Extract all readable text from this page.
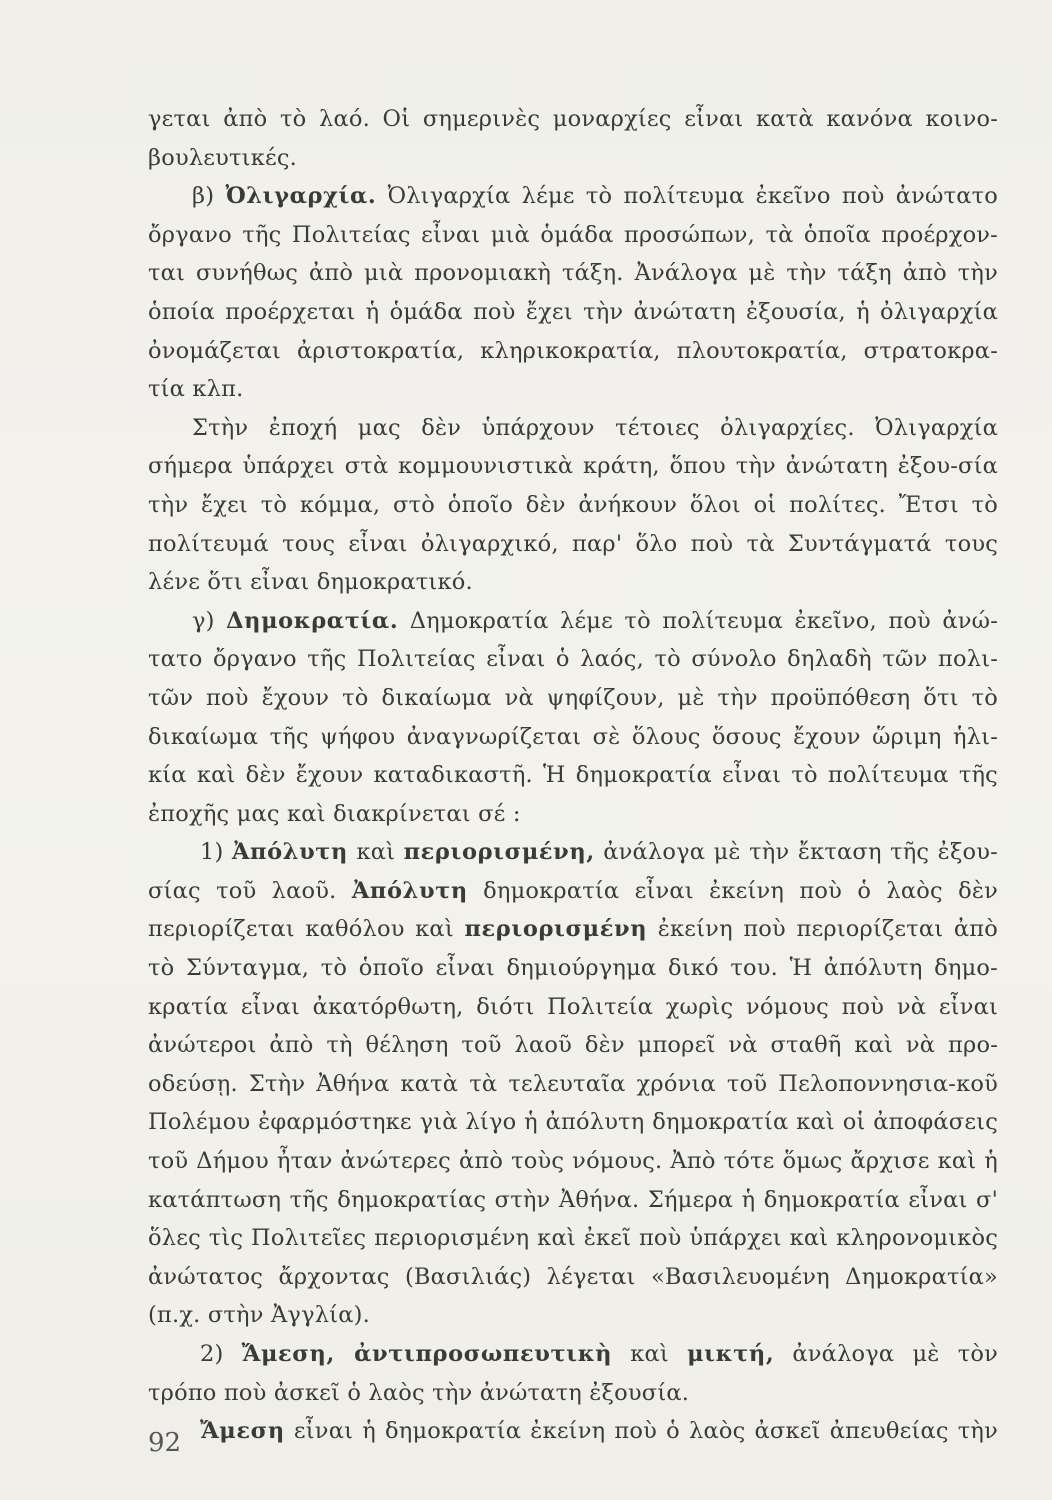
γεται ἀπὸ τὸ λαό. Οἱ σημερινὲς μοναρχίες εἶναι κατὰ κανόνα κοινο-βουλευτικές.

β) Ὀλιγαρχία. Ὀλιγαρχία λέμε τὸ πολίτευμα ἐκεῖνο ποὺ ἀνώτατο ὄργανο τῆς Πολιτείας εἶναι μιὰ ὁμάδα προσώπων, τὰ ὁποῖα προέρχον-ται συνήθως ἀπὸ μιὰ προνομιακὴ τάξη. Ἀνάλογα μὲ τὴν τάξη ἀπὸ τὴν ὁποία προέρχεται ἡ ὁμάδα ποὺ ἔχει τὴν ἀνώτατη ἐξουσία, ἡ ὀλιγαρχία ὀνομάζεται ἀριστοκρατία, κληρικοκρατία, πλουτοκρατία, στρατοκρα-τία κλπ.

Στὴν ἐποχή μας δὲν ὑπάρχουν τέτοιες ὀλιγαρχίες. Ὀλιγαρχία σήμερα ὑπάρχει στὰ κομμουνιστικὰ κράτη, ὅπου τὴν ἀνώτατη ἐξου-σία τὴν ἔχει τὸ κόμμα, στὸ ὁποῖο δὲν ἀνήκουν ὅλοι οἱ πολίτες. Ἔτσι τὸ πολίτευμά τους εἶναι ὀλιγαρχικό, παρ' ὅλο ποὺ τὰ Συντάγματά τους λένε ὅτι εἶναι δημοκρατικό.

γ) Δημοκρατία. Δημοκρατία λέμε τὸ πολίτευμα ἐκεῖνο, ποὺ ἀνώ-τατο ὄργανο τῆς Πολιτείας εἶναι ὁ λαός, τὸ σύνολο δηλαδὴ τῶν πολι-τῶν ποὺ ἔχουν τὸ δικαίωμα νὰ ψηφίζουν, μὲ τὴν προϋπόθεση ὅτι τὸ δικαίωμα τῆς ψήφου ἀναγνωρίζεται σὲ ὅλους ὅσους ἔχουν ὥριμη ἡλι-κία καὶ δὲν ἔχουν καταδικαστῆ. Ἡ δημοκρατία εἶναι τὸ πολίτευμα τῆς ἐποχῆς μας καὶ διακρίνεται σέ :

1) Ἀπόλυτη καὶ περιορισμένη, ἀνάλογα μὲ τὴν ἔκταση τῆς ἐξου-σίας τοῦ λαοῦ. Ἀπόλυτη δημοκρατία εἶναι ἐκείνη ποὺ ὁ λαὸς δὲν περιορίζεται καθόλου καὶ περιορισμένη ἐκείνη ποὺ περιορίζεται ἀπὸ τὸ Σύνταγμα, τὸ ὁποῖο εἶναι δημιούργημα δικό του. Ἡ ἀπόλυτη δημο-κρατία εἶναι ἀκατόρθωτη, διότι Πολιτεία χωρὶς νόμους ποὺ νὰ εἶναι ἀνώτεροι ἀπὸ τὴ θέληση τοῦ λαοῦ δὲν μπορεῖ νὰ σταθῆ καὶ νὰ προ-οδεύσῃ. Στὴν Ἀθήνα κατὰ τὰ τελευταῖα χρόνια τοῦ Πελοποννησια-κοῦ Πολέμου ἐφαρμόστηκε γιὰ λίγο ἡ ἀπόλυτη δημοκρατία καὶ οἱ ἀποφάσεις τοῦ Δήμου ἦταν ἀνώτερες ἀπὸ τοὺς νόμους. Ἀπὸ τότε ὅμως ἄρχισε καὶ ἡ κατάπτωση τῆς δημοκρατίας στὴν Ἀθήνα. Σήμερα ἡ δημοκρατία εἶναι σ' ὅλες τὶς Πολιτεῖες περιορισμένη καὶ ἐκεῖ ποὺ ὑπάρχει καὶ κληρονομικὸς ἀνώτατος ἄρχοντας (Βασιλιάς) λέγεται «Βασιλευομένη Δημοκρατία» (π.χ. στὴν Ἀγγλία).

2) Ἄμεση, ἀντιπροσωπευτικὴ καὶ μικτή, ἀνάλογα μὲ τὸν τρόπο ποὺ ἀσκεῖ ὁ λαὸς τὴν ἀνώτατη ἐξουσία.

Ἄμεση εἶναι ἡ δημοκρατία ἐκείνη ποὺ ὁ λαὸς ἀσκεῖ ἀπευθείας τὴν

92
